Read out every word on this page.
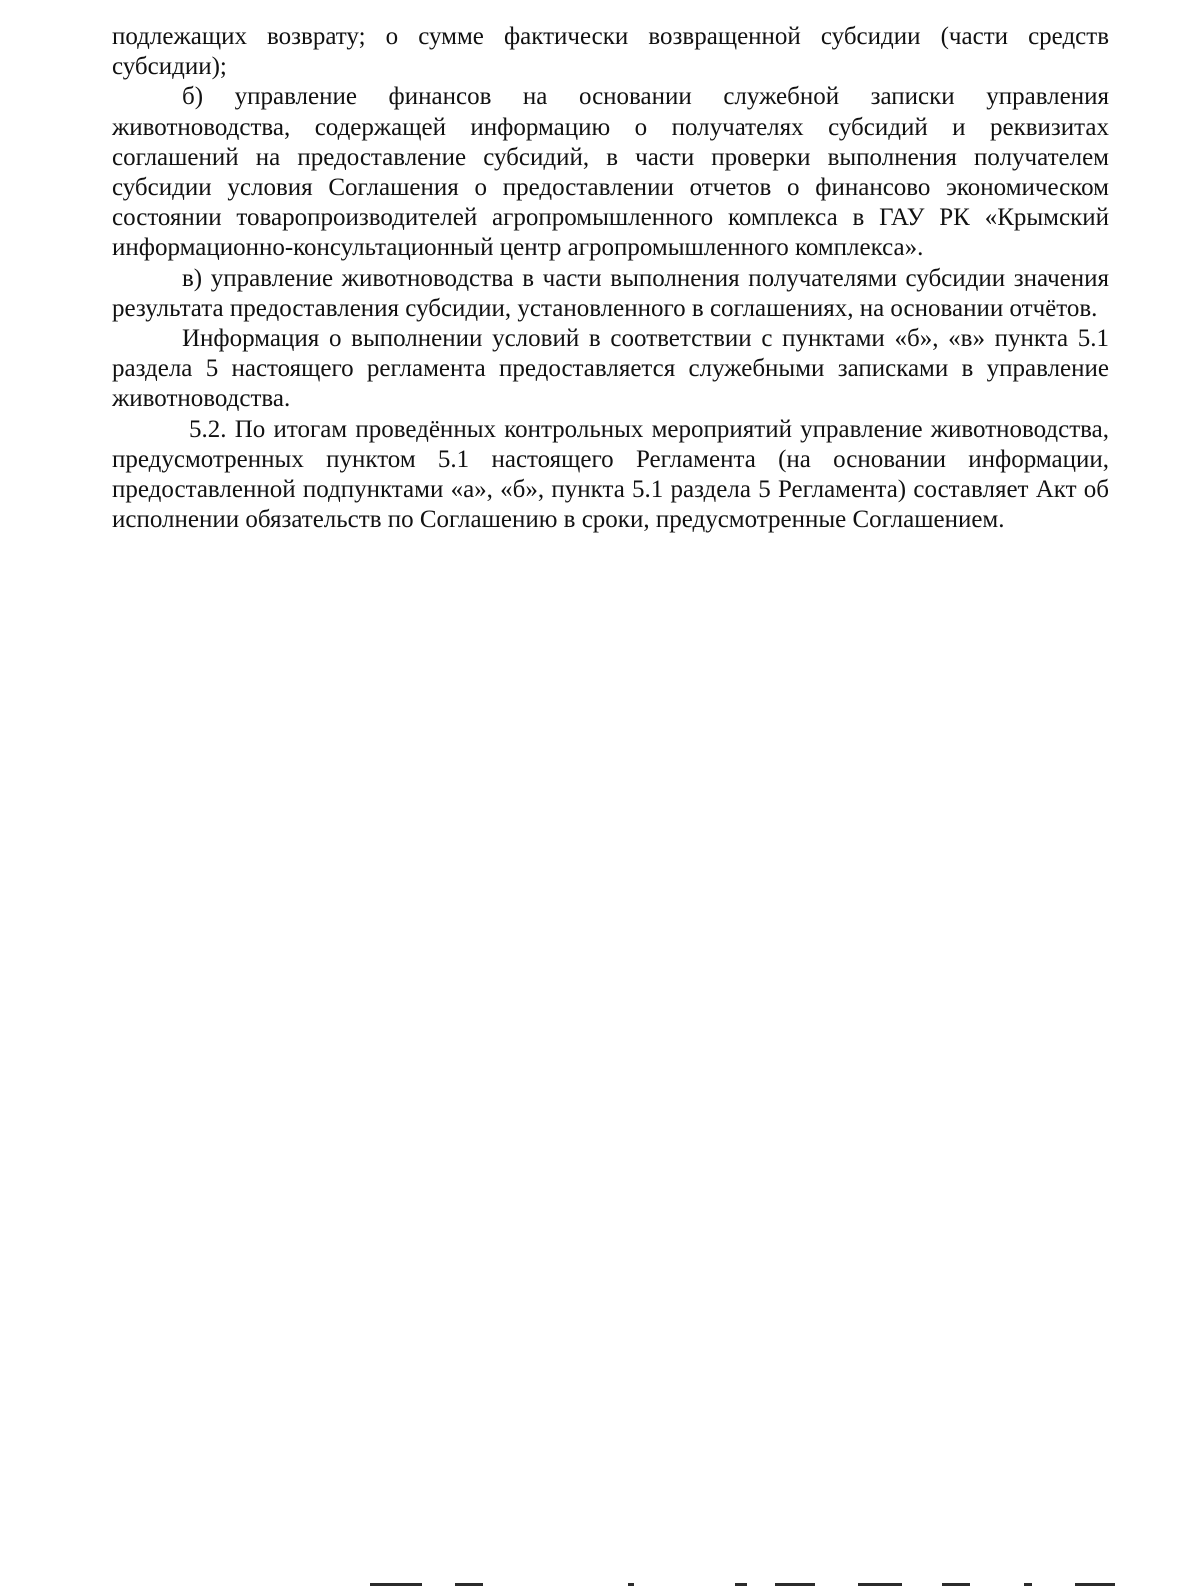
подлежащих возврату; о сумме фактически возвращенной субсидии (части средств субсидии);

б) управление финансов на основании служебной записки управления животноводства, содержащей информацию о получателях субсидий и реквизитах соглашений на предоставление субсидий, в части проверки выполнения получателем субсидии условия Соглашения о предоставлении отчетов о финансово экономическом состоянии товаропроизводителей агропромышленного комплекса в ГАУ РК «Крымский информационно-консультационный центр агропромышленного комплекса».

в) управление животноводства в части выполнения получателями субсидии значения результата предоставления субсидии, установленного в соглашениях, на основании отчётов.

Информация о выполнении условий в соответствии с пунктами «б», «в» пункта 5.1 раздела 5 настоящего регламента предоставляется служебными записками в управление животноводства.

5.2. По итогам проведённых контрольных мероприятий управление животноводства, предусмотренных пунктом 5.1 настоящего Регламента (на основании информации, предоставленной подпунктами «а», «б», пункта 5.1 раздела 5 Регламента) составляет Акт об исполнении обязательств по Соглашению в сроки, предусмотренные Соглашением.
